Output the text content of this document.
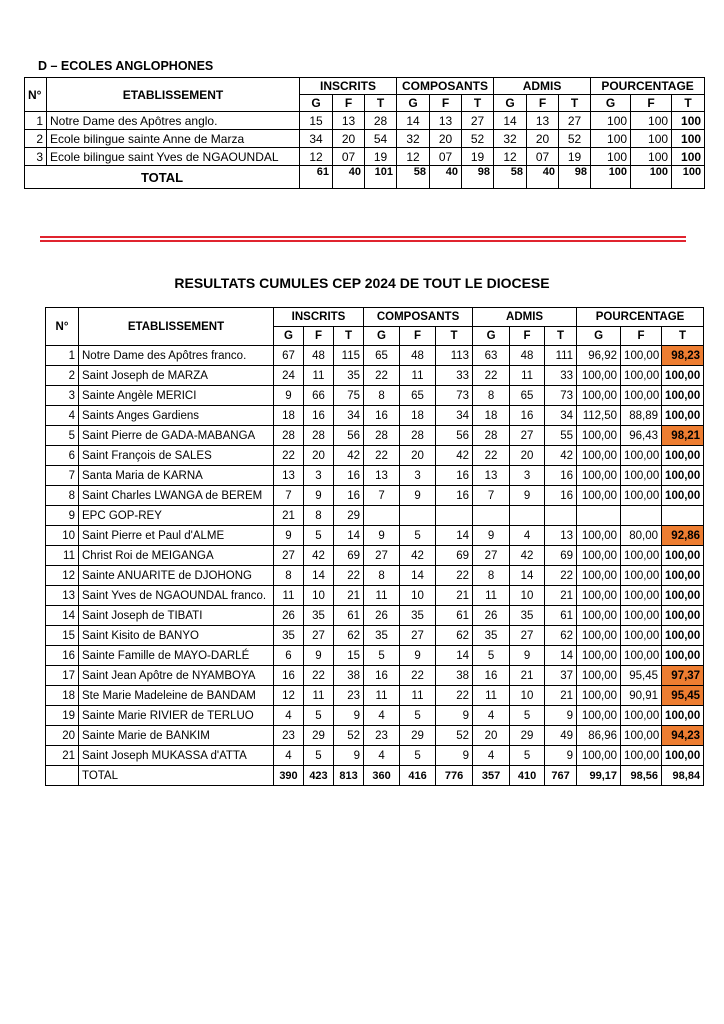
D – ECOLES ANGLOPHONES
N°	ETABLISSEMENT	INSCRITS			COMPOSANTS			ADMIS			POURCENTAGE		
		G	F	T	G	F	T	G	F	T	G	F	T
1	Notre Dame des Apôtres anglo.	15	13	28	14	13	27	14	13	27	100	100	100
2	Ecole bilingue sainte Anne de Marza	34	20	54	32	20	52	32	20	52	100	100	100
3	Ecole bilingue saint Yves de NGAOUNDAL	12	07	19	12	07	19	12	07	19	100	100	100
TOTAL		61	40	101	58	40	98	58	40	98	100	100	100
RESULTATS CUMULES CEP 2024 DE TOUT LE DIOCESE
N°	ETABLISSEMENT	INSCRITS			COMPOSANTS			ADMIS			POURCENTAGE		
		G	F	T	G	F	T	G	F	T	G	F	T
1	Notre Dame des Apôtres franco.	67	48	115	65	48	113	63	48	111	96,92	100,00	98,23
2	Saint Joseph de MARZA	24	11	35	22	11	33	22	11	33	100,00	100,00	100,00
3	Sainte Angèle MERICI	9	66	75	8	65	73	8	65	73	100,00	100,00	100,00
4	Saints Anges Gardiens	18	16	34	16	18	34	18	16	34	112,50	88,89	100,00
5	Saint Pierre de GADA-MABANGA	28	28	56	28	28	56	28	27	55	100,00	96,43	98,21
6	Saint François de SALES	22	20	42	22	20	42	22	20	42	100,00	100,00	100,00
7	Santa Maria de KARNA	13	3	16	13	3	16	13	3	16	100,00	100,00	100,00
8	Saint Charles LWANGA de BEREM	7	9	16	7	9	16	7	9	16	100,00	100,00	100,00
9	EPC GOP-REY	21	8	29									
10	Saint Pierre et Paul d'ALME	9	5	14	9	5	14	9	4	13	100,00	80,00	92,86
11	Christ Roi de MEIGANGA	27	42	69	27	42	69	27	42	69	100,00	100,00	100,00
12	Sainte ANUARITE de DJOHONG	8	14	22	8	14	22	8	14	22	100,00	100,00	100,00
13	Saint Yves de NGAOUNDAL franco.	11	10	21	11	10	21	11	10	21	100,00	100,00	100,00
14	Saint Joseph de TIBATI	26	35	61	26	35	61	26	35	61	100,00	100,00	100,00
15	Saint Kisito de BANYO	35	27	62	35	27	62	35	27	62	100,00	100,00	100,00
16	Sainte Famille de MAYO-DARLÉ	6	9	15	5	9	14	5	9	14	100,00	100,00	100,00
17	Saint Jean Apôtre de NYAMBOYA	16	22	38	16	22	38	16	21	37	100,00	95,45	97,37
18	Ste Marie Madeleine de BANDAM	12	11	23	11	11	22	11	10	21	100,00	90,91	95,45
19	Sainte Marie RIVIER de TERLUO	4	5	9	4	5	9	4	5	9	100,00	100,00	100,00
20	Sainte Marie de BANKIM	23	29	52	23	29	52	20	29	49	86,96	100,00	94,23
21	Saint Joseph MUKASSA d'ATTA	4	5	9	4	5	9	4	5	9	100,00	100,00	100,00
	TOTAL	390	423	813	360	416	776	357	410	767	99,17	98,56	98,84
